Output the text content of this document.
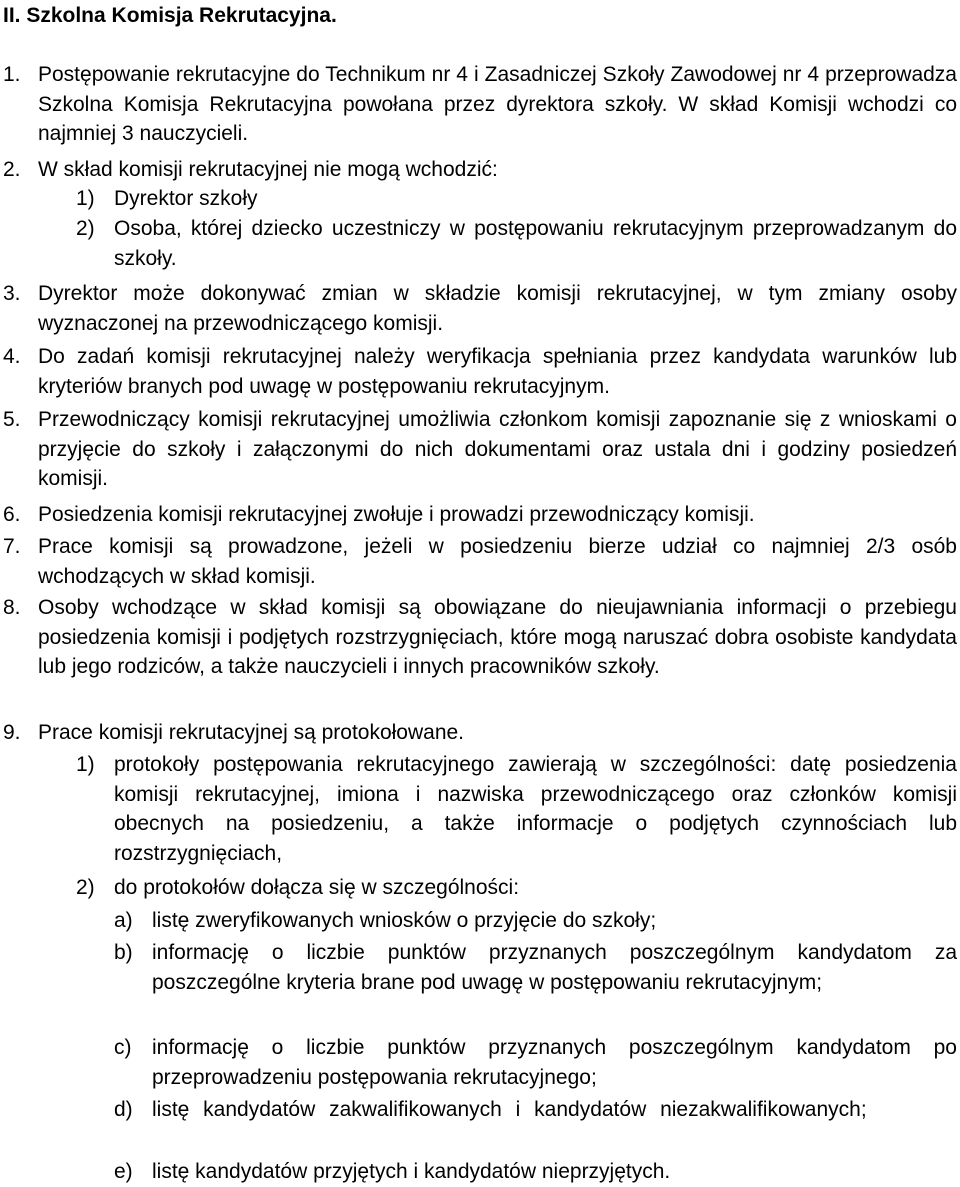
II. Szkolna Komisja Rekrutacyjna.
1. Postępowanie rekrutacyjne do Technikum nr 4 i Zasadniczej Szkoły Zawodowej nr 4 przeprowadza Szkolna Komisja Rekrutacyjna powołana przez dyrektora szkoły. W skład Komisji wchodzi co najmniej 3 nauczycieli.
2. W skład komisji rekrutacyjnej nie mogą wchodzić:
1) Dyrektor szkoły
2) Osoba, której dziecko uczestniczy w postępowaniu rekrutacyjnym przeprowadzanym do szkoły.
3. Dyrektor może dokonywać zmian w składzie komisji rekrutacyjnej, w tym zmiany osoby wyznaczonej na przewodniczącego komisji.
4. Do zadań komisji rekrutacyjnej należy weryfikacja spełniania przez kandydata warunków lub kryteriów branych pod uwagę w postępowaniu rekrutacyjnym.
5. Przewodniczący komisji rekrutacyjnej umożliwia członkom komisji zapoznanie się z wnioskami o przyjęcie do szkoły i załączonymi do nich dokumentami oraz ustala dni i godziny posiedzeń komisji.
6. Posiedzenia komisji rekrutacyjnej zwołuje i prowadzi przewodniczący komisji.
7. Prace komisji są prowadzone, jeżeli w posiedzeniu bierze udział co najmniej 2/3 osób wchodzących w skład komisji.
8. Osoby wchodzące w skład komisji są obowiązane do nieujawniania informacji o przebiegu posiedzenia komisji i podjętych rozstrzygnięciach, które mogą naruszać dobra osobiste kandydata lub jego rodziców, a także nauczycieli i innych pracowników szkoły.
9. Prace komisji rekrutacyjnej są protokołowane.
1) protokoły postępowania rekrutacyjnego zawierają w szczególności: datę posiedzenia komisji rekrutacyjnej, imiona i nazwiska przewodniczącego oraz członków komisji obecnych na posiedzeniu, a także informacje o podjętych czynnościach lub rozstrzygnięciach,
2) do protokołów dołącza się w szczególności:
a) listę zweryfikowanych wniosków o przyjęcie do szkoły;
b) informację o liczbie punktów przyznanych poszczególnym kandydatom za poszczególne kryteria brane pod uwagę w postępowaniu rekrutacyjnym;
c) informację o liczbie punktów przyznanych poszczególnym kandydatom po przeprowadzeniu postępowania rekrutacyjnego;
d) listę kandydatów zakwalifikowanych i kandydatów niezakwalifikowanych;
e) listę kandydatów przyjętych i kandydatów nieprzyjętych.
